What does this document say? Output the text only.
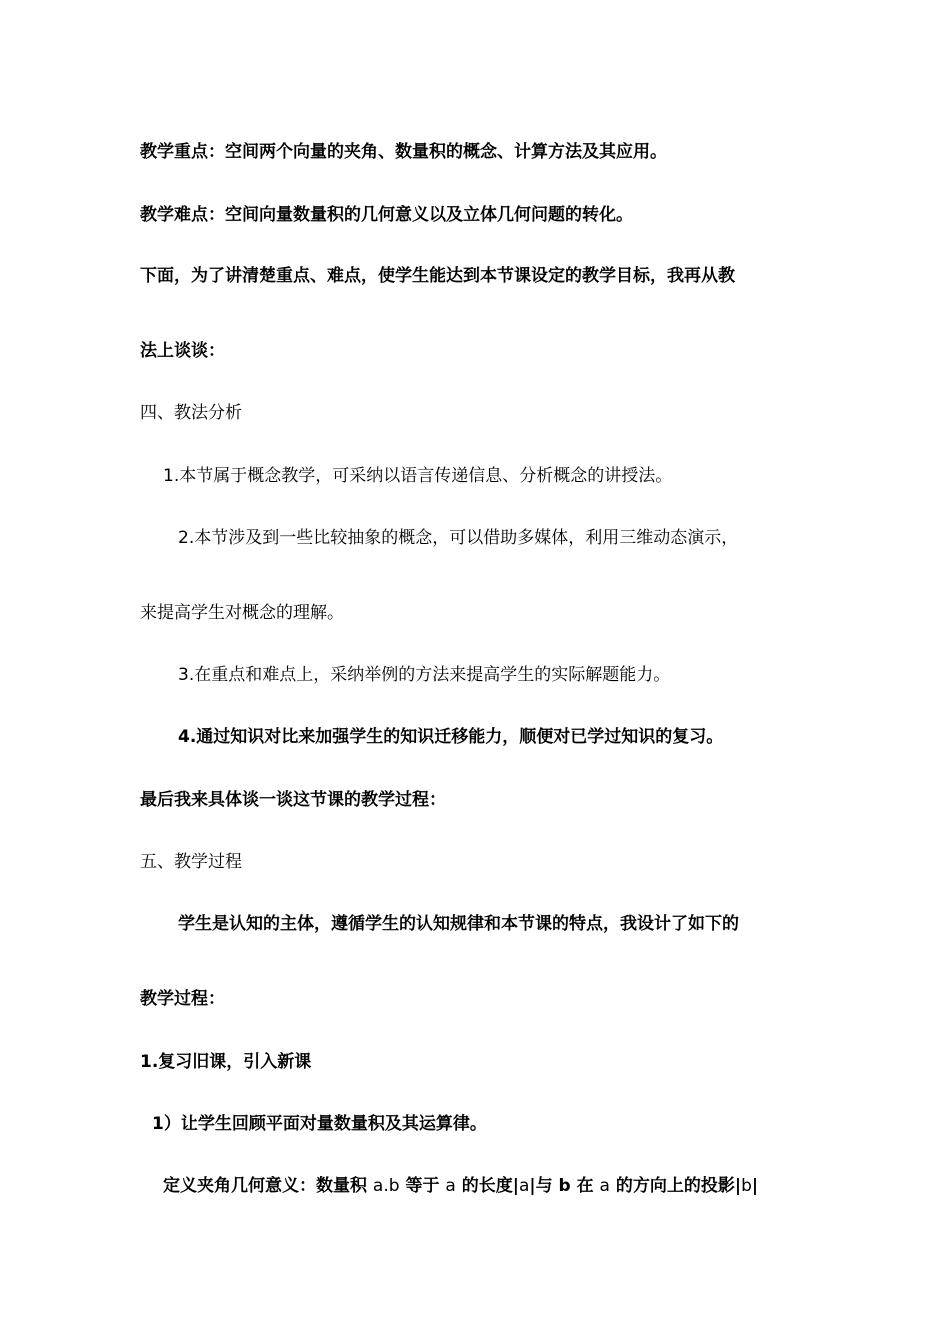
教学重点：空间两个向量的夹角、数量积的概念、计算方法及其应用。
教学难点：空间向量数量积的几何意义以及立体几何问题的转化。
下面，为了讲清楚重点、难点，使学生能达到本节课设定的教学目标，我再从教
法上谈谈：
四、教法分析
1.本节属于概念教学，可采纳以语言传递信息、分析概念的讲授法。
2.本节涉及到一些比较抽象的概念，可以借助多媒体，利用三维动态演示，
来提高学生对概念的理解。
3.在重点和难点上，采纳举例的方法来提高学生的实际解题能力。
4.通过知识对比来加强学生的知识迁移能力，顺便对已学过知识的复习。
最后我来具体谈一谈这节课的教学过程：
五、教学过程
学生是认知的主体，遵循学生的认知规律和本节课的特点，我设计了如下的
教学过程：
1.复习旧课，引入新课
1）让学生回顾平面对量数量积及其运算律。
定义夹角几何意义：数量积 a.b 等于 a 的长度|a|与 b 在 a 的方向上的投影|b|
